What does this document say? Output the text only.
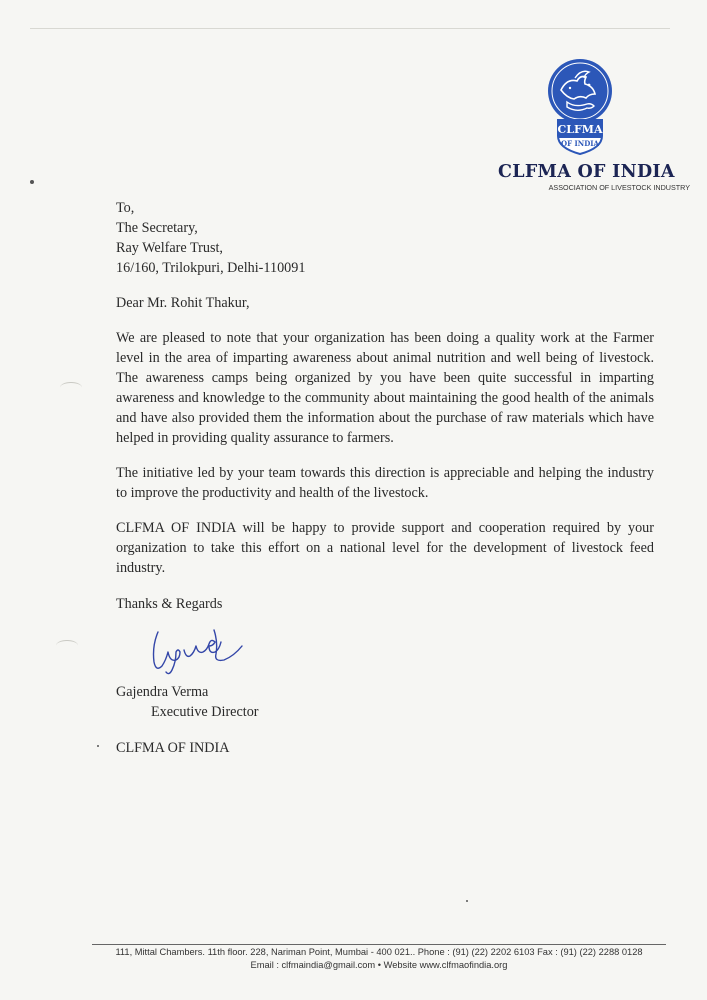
CLFMA
OF INDIA
CLFMA OF INDIA
ASSOCIATION OF LIVESTOCK INDUSTRY
To,
The Secretary,
Ray Welfare Trust,
16/160, Trilokpuri, Delhi-110091
Dear Mr. Rohit Thakur,

We are pleased to note that your organization has been doing a quality work at the Farmer level in the area of imparting awareness about animal nutrition and well being of livestock. The awareness camps being organized by you have been quite successful in imparting awareness and knowledge to the community about maintaining the good health of the animals and have also provided them the information about the purchase of raw materials which have helped in providing quality assurance to farmers.

The initiative led by your team towards this direction is appreciable and helping the industry to improve the productivity and health of the livestock.

CLFMA OF INDIA will be happy to provide support and cooperation required by your organization to take this effort on a national level for the development of livestock feed industry.

Thanks & Regards
Gajendra Verma
Executive Director
CLFMA OF INDIA
111, Mittal Chambers. 11th floor. 228, Nariman Point, Mumbai - 400 021.. Phone : (91) (22) 2202 6103 Fax : (91) (22) 2288 0128
Email : clfmaindia@gmail.com • Website www.clfmaofindia.org
